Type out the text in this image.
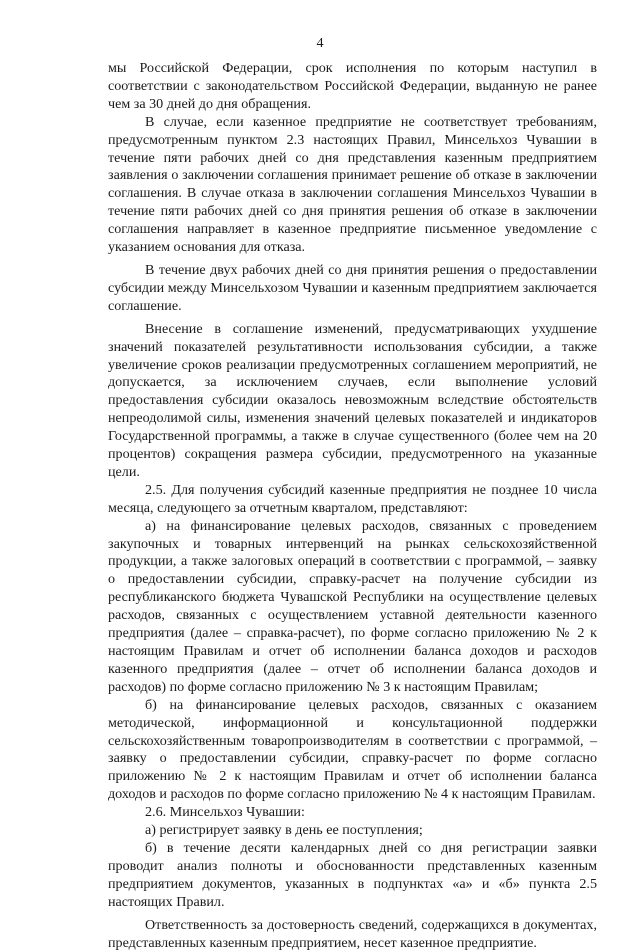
4

мы Российской Федерации, срок исполнения по которым наступил в соответствии с законодательством Российской Федерации, выданную не ранее чем за 30 дней до дня обращения.

В случае, если казенное предприятие не соответствует требованиям, предусмотренным пунктом 2.3 настоящих Правил, Минсельхоз Чувашии в течение пяти рабочих дней со дня представления казенным предприятием заявления о заключении соглашения принимает решение об отказе в заключении соглашения. В случае отказа в заключении соглашения Минсельхоз Чувашии в течение пяти рабочих дней со дня принятия решения об отказе в заключении соглашения направляет в казенное предприятие письменное уведомление с указанием основания для отказа.

В течение двух рабочих дней со дня принятия решения о предоставлении субсидии между Минсельхозом Чувашии и казенным предприятием заключается соглашение.

Внесение в соглашение изменений, предусматривающих ухудшение значений показателей результативности использования субсидии, а также увеличение сроков реализации предусмотренных соглашением мероприятий, не допускается, за исключением случаев, если выполнение условий предоставления субсидии оказалось невозможным вследствие обстоятельств непреодолимой силы, изменения значений целевых показателей и индикаторов Государственной программы, а также в случае существенного (более чем на 20 процентов) сокращения размера субсидии, предусмотренного на указанные цели.

2.5. Для получения субсидий казенные предприятия не позднее 10 числа месяца, следующего за отчетным кварталом, представляют:

а) на финансирование целевых расходов, связанных с проведением закупочных и товарных интервенций на рынках сельскохозяйственной продукции, а также залоговых операций в соответствии с программой, – заявку о предоставлении субсидии, справку-расчет на получение субсидии из республиканского бюджета Чувашской Республики на осуществление целевых расходов, связанных с осуществлением уставной деятельности казенного предприятия (далее – справка-расчет), по форме согласно приложению № 2 к настоящим Правилам и отчет об исполнении баланса доходов и расходов казенного предприятия (далее – отчет об исполнении баланса доходов и расходов) по форме согласно приложению № 3 к настоящим Правилам;

б) на финансирование целевых расходов, связанных с оказанием методической, информационной и консультационной поддержки сельскохозяйственным товаропроизводителям в соответствии с программой, – заявку о предоставлении субсидии, справку-расчет по форме согласно приложению № 2 к настоящим Правилам и отчет об исполнении баланса доходов и расходов по форме согласно приложению № 4 к настоящим Правилам.

2.6. Минсельхоз Чувашии:

а) регистрирует заявку в день ее поступления;

б) в течение десяти календарных дней со дня регистрации заявки проводит анализ полноты и обоснованности представленных казенным предприятием документов, указанных в подпунктах «а» и «б» пункта 2.5 настоящих Правил.

Ответственность за достоверность сведений, содержащихся в документах, представленных казенным предприятием, несет казенное предприятие.
